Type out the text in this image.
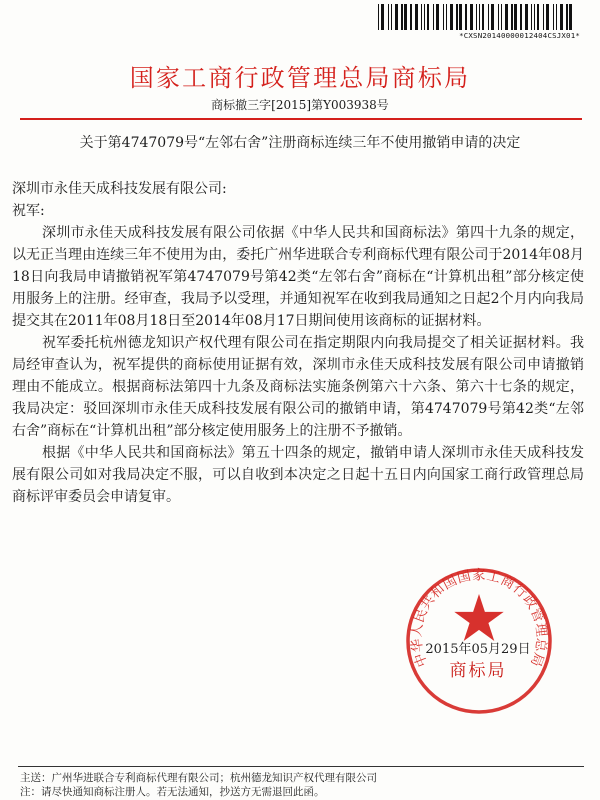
*CXSN20140000012404CSJX01*
国家工商行政管理总局商标局
商标撤三字[2015]第Y003938号
关于第4747079号“左邻右舍”注册商标连续三年不使用撤销申请的决定

深圳市永佳天成科技发展有限公司:

祝军:

深圳市永佳天成科技发展有限公司依据《中华人民共和国商标法》第四十九条的规定，以无正当理由连续三年不使用为由，委托广州华进联合专利商标代理有限公司于2014年08月18日向我局申请撤销祝军第4747079号第42类“左邻右舍”商标在“计算机出租”部分核定使用服务上的注册。经审查，我局予以受理，并通知祝军在收到我局通知之日起2个月内向我局提交其在2011年08月18日至2014年08月17日期间使用该商标的证据材料。

祝军委托杭州德龙知识产权代理有限公司在指定期限内向我局提交了相关证据材料。我局经审查认为，祝军提供的商标使用证据有效，深圳市永佳天成科技发展有限公司申请撤销理由不能成立。根据商标法第四十九条及商标法实施条例第六十六条、第六十七条的规定，我局决定：驳回深圳市永佳天成科技发展有限公司的撤销申请，第4747079号第42类“左邻右舍”商标在“计算机出租”部分核定使用服务上的注册不予撤销。

根据《中华人民共和国商标法》第五十四条的规定，撤销申请人深圳市永佳天成科技发展有限公司如对我局决定不服，可以自收到本决定之日起十五日内向国家工商行政管理总局商标评审委员会申请复审。

中华人民共和国国家工商行政管理总局
2015年05月29日
商标局
主送：广州华进联合专利商标代理有限公司；杭州德龙知识产权代理有限公司
注：请尽快通知商标注册人。若无法通知，抄送方无需退回此函。
